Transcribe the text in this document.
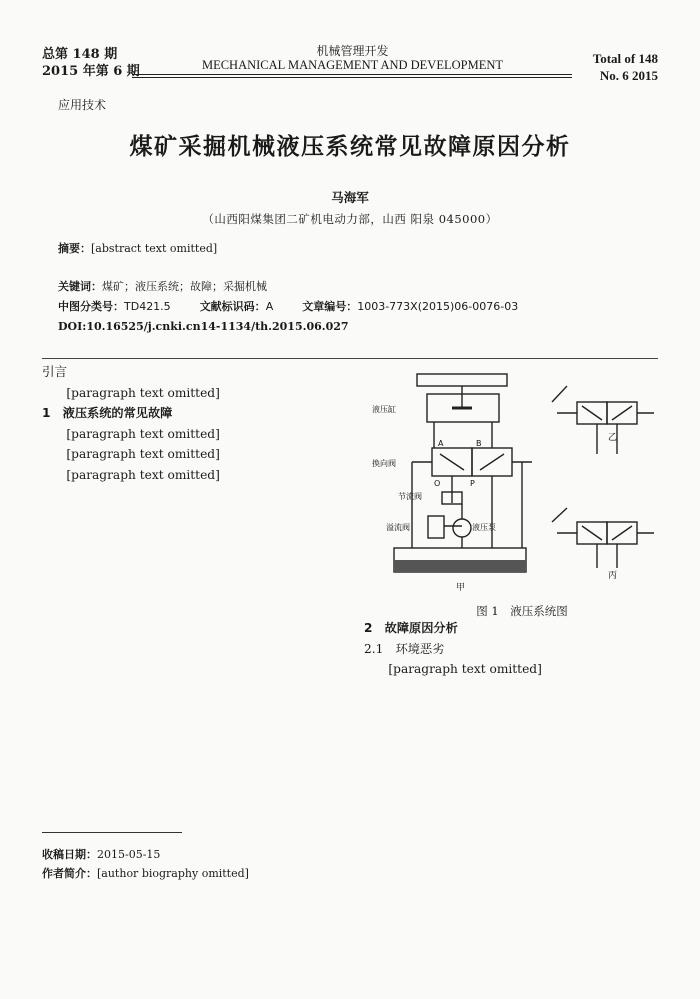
总第 148 期
2015 年第 6 期
机械管理开发
MECHANICAL MANAGEMENT AND DEVELOPMENT	Total of 148
No. 6 2015
应用技术
煤矿采掘机械液压系统常见故障原因分析
马海军
（山西阳煤集团二矿机电动力部，山西 阳泉 045000）
摘要：[abstract text omitted]
关键词：煤矿；液压系统；故障；采掘机械
中图分类号：TD421.5	文献标识码：A	文章编号：1003-773X(2015)06-0076-03
DOI:10.16525/j.cnki.cn14-1134/th.2015.06.027

引言

[paragraph text omitted]

1　液压系统的常见故障

[paragraph text omitted]

[paragraph text omitted]

[paragraph text omitted]

液压缸
换向阀
节流阀
溢流阀	液压泵
A	B
P
O
甲
乙
丙
图 1　液压系统图

2　故障原因分析

2.1　环境恶劣

[paragraph text omitted]

收稿日期：2015-05-15
作者简介：[author biography omitted]
